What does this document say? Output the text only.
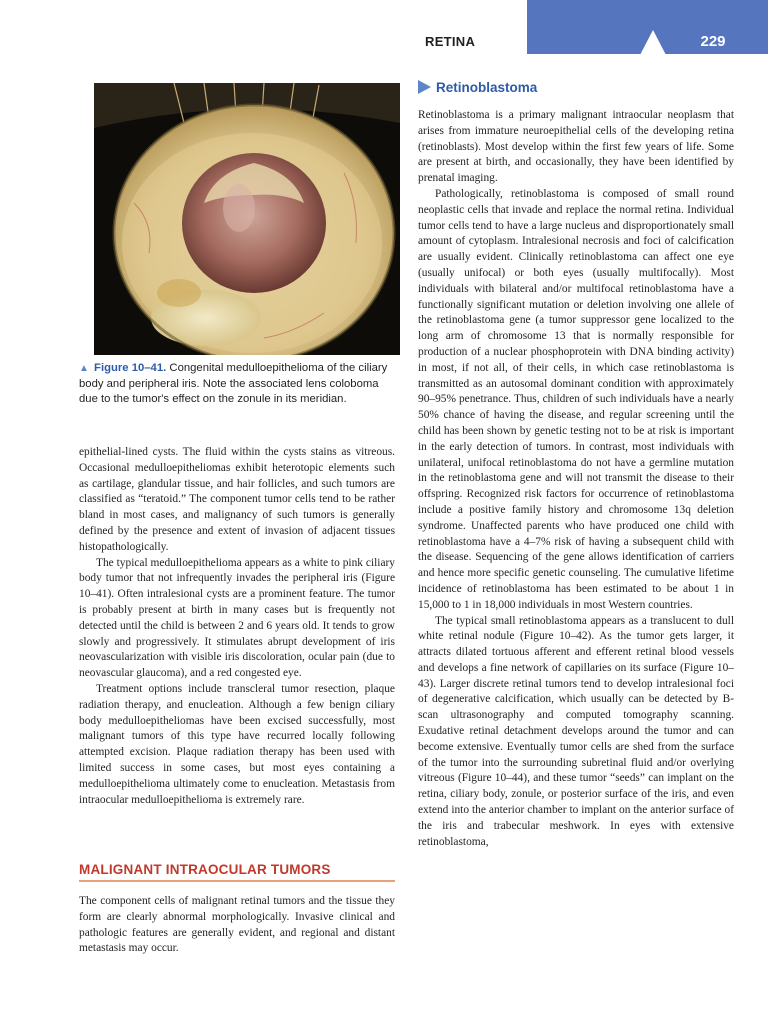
RETINA	229
▲ Figure 10–41. Congenital medulloepithelioma of the ciliary body and peripheral iris. Note the associated lens coloboma due to the tumor's effect on the zonule in its meridian.

epithelial-lined cysts. The fluid within the cysts stains as vitreous. Occasional medulloepitheliomas exhibit heterotopic elements such as cartilage, glandular tissue, and hair follicles, and such tumors are classified as “teratoid.” The component tumor cells tend to be rather bland in most cases, and malignancy of such tumors is generally defined by the presence and extent of invasion of adjacent tissues histopathologically.

The typical medulloepithelioma appears as a white to pink ciliary body tumor that not infrequently invades the peripheral iris (Figure 10–41). Often intralesional cysts are a prominent feature. The tumor is probably present at birth in many cases but is frequently not detected until the child is between 2 and 6 years old. It tends to grow slowly and progressively. It stimulates abrupt development of iris neovascularization with visible iris discoloration, ocular pain (due to neovascular glaucoma), and a red congested eye.

Treatment options include transcleral tumor resection, plaque radiation therapy, and enucleation. Although a few benign ciliary body medulloepitheliomas have been excised successfully, most malignant tumors of this type have recurred locally following attempted excision. Plaque radiation therapy has been used with limited success in some cases, but most eyes containing a medulloepithelioma ultimately come to enucleation. Metastasis from intraocular medulloepithelioma is extremely rare.

MALIGNANT INTRAOCULAR TUMORS

The component cells of malignant retinal tumors and the tissue they form are clearly abnormal morphologically. Invasive clinical and pathologic features are generally evident, and regional and distant metastasis may occur.

Retinoblastoma

Retinoblastoma is a primary malignant intraocular neoplasm that arises from immature neuroepithelial cells of the developing retina (retinoblasts). Most develop within the first few years of life. Some are present at birth, and occasionally, they have been identified by prenatal imaging.

Pathologically, retinoblastoma is composed of small round neoplastic cells that invade and replace the normal retina. Individual tumor cells tend to have a large nucleus and disproportionately small amount of cytoplasm. Intralesional necrosis and foci of calcification are usually evident. Clinically retinoblastoma can affect one eye (usually unifocal) or both eyes (usually multifocally). Most individuals with bilateral and/or multifocal retinoblastoma have a functionally significant mutation or deletion involving one allele of the retinoblastoma gene (a tumor suppressor gene localized to the long arm of chromosome 13 that is normally responsible for production of a nuclear phosphoprotein with DNA binding activity) in most, if not all, of their cells, in which case retinoblastoma is transmitted as an autosomal dominant condition with approximately 90–95% penetrance. Thus, children of such individuals have a nearly 50% chance of having the disease, and regular screening until the child has been shown by genetic testing not to be at risk is important in the early detection of tumors. In contrast, most individuals with unilateral, unifocal retinoblastoma do not have a germline mutation in the retinoblastoma gene and will not transmit the disease to their offspring. Recognized risk factors for occurrence of retinoblastoma include a positive family history and chromosome 13q deletion syndrome. Unaffected parents who have produced one child with retinoblastoma have a 4–7% risk of having a subsequent child with the disease. Sequencing of the gene allows identification of carriers and hence more specific genetic counseling. The cumulative lifetime incidence of retinoblastoma has been estimated to be about 1 in 15,000 to 1 in 18,000 individuals in most Western countries.

The typical small retinoblastoma appears as a translucent to dull white retinal nodule (Figure 10–42). As the tumor gets larger, it attracts dilated tortuous afferent and efferent retinal blood vessels and develops a fine network of capillaries on its surface (Figure 10–43). Larger discrete retinal tumors tend to develop intralesional foci of degenerative calcification, which usually can be detected by B-scan ultrasonography and computed tomography scanning. Exudative retinal detachment develops around the tumor and can become extensive. Eventually tumor cells are shed from the surface of the tumor into the surrounding subretinal fluid and/or overlying vitreous (Figure 10–44), and these tumor “seeds” can implant on the retina, ciliary body, zonule, or posterior surface of the iris, and even extend into the anterior chamber to implant on the anterior surface of the iris and trabecular meshwork. In eyes with extensive retinoblastoma,
